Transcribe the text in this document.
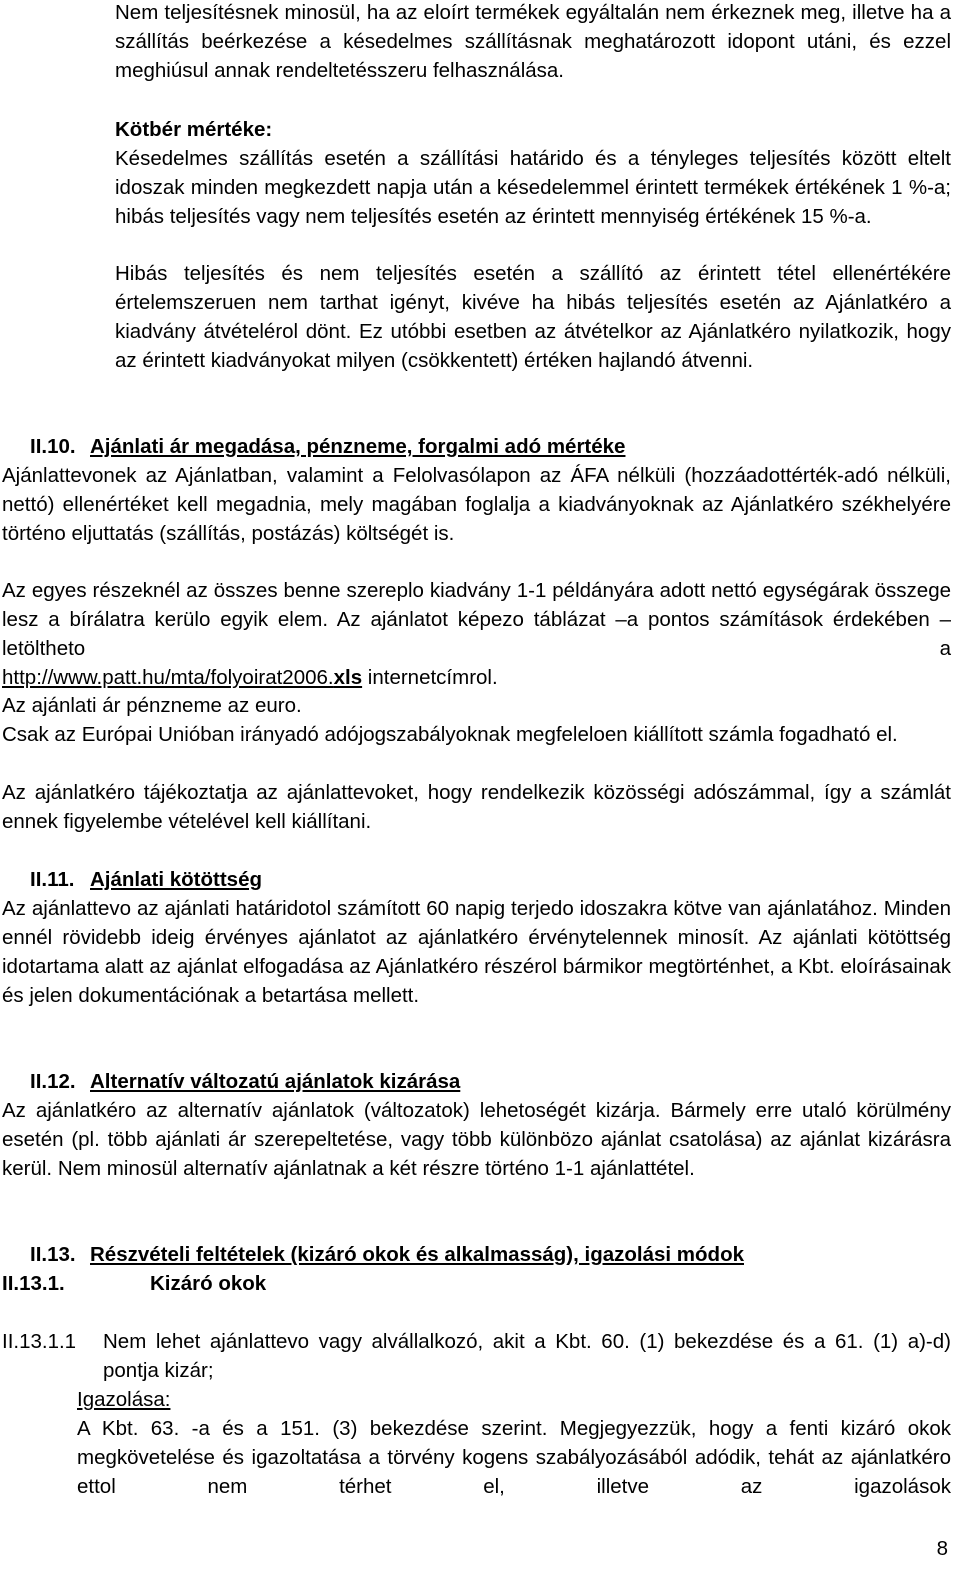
Nem teljesítésnek minosül, ha az eloírt termékek egyáltalán nem érkeznek meg, illetve ha a szállítás beérkezése a késedelmes szállításnak meghatározott idopont utáni, és ezzel meghiúsul annak rendeltetésszeru felhasználása.

Kötbér mértéke:

Késedelmes szállítás esetén a szállítási határido és a tényleges teljesítés között eltelt idoszak minden megkezdett napja után a késedelemmel érintett termékek értékének 1 %-a; hibás teljesítés vagy nem teljesítés esetén az érintett mennyiség értékének 15 %-a.

Hibás teljesítés és nem teljesítés esetén a szállító az érintett tétel ellenértékére értelemszeruen nem tarthat igényt, kivéve ha hibás teljesítés esetén az Ajánlatkéro a kiadvány átvételérol dönt. Ez utóbbi esetben az átvételkor az Ajánlatkéro nyilatkozik, hogy az érintett kiadványokat milyen (csökkentett) értéken hajlandó átvenni.

II.10. Ajánlati ár megadása, pénzneme, forgalmi adó mértéke

Ajánlattevonek az Ajánlatban, valamint a Felolvasólapon az ÁFA nélküli (hozzáadottérték-adó nélküli, nettó) ellenértéket kell megadnia, mely magában foglalja a kiadványoknak az Ajánlatkéro székhelyére történo eljuttatás (szállítás, postázás) költségét is.

Az egyes részeknél az összes benne szereplo kiadvány 1-1 példányára adott nettó egységárak összege lesz a bírálatra kerülo egyik elem. Az ajánlatot képezo táblázat –a pontos számítások érdekében – letöltheto a

http://www.patt.hu/mta/folyoirat2006.xls internetcímrol.

Az ajánlati ár pénzneme az euro.

Csak az Európai Unióban irányadó adójogszabályoknak megfeleloen kiállított számla fogadható el.

Az ajánlatkéro tájékoztatja az ajánlattevoket, hogy rendelkezik közösségi adószámmal, így a számlát ennek figyelembe vételével kell kiállítani.

II.11. Ajánlati kötöttség

Az ajánlattevo az ajánlati határidotol számított 60 napig terjedo idoszakra kötve van ajánlatához. Minden ennél rövidebb ideig érvényes ajánlatot az ajánlatkéro érvénytelennek minosít. Az ajánlati kötöttség idotartama alatt az ajánlat elfogadása az Ajánlatkéro részérol bármikor megtörténhet, a Kbt. eloírásainak és jelen dokumentációnak a betartása mellett.

II.12. Alternatív változatú ajánlatok kizárása

Az ajánlatkéro az alternatív ajánlatok (változatok) lehetoségét kizárja. Bármely erre utaló körülmény esetén (pl. több ajánlati ár szerepeltetése, vagy több különbözo ajánlat csatolása) az ajánlat kizárásra kerül. Nem minosül alternatív ajánlatnak a két részre történo 1-1 ajánlattétel.

II.13. Részvételi feltételek (kizáró okok és alkalmasság), igazolási módok
II.13.1.	Kizáró okok
II.13.1.1 Nem lehet ajánlattevo vagy alvállalkozó, akit a Kbt. 60. (1) bekezdése és a 61. (1) a)-d) pontja kizár;

Igazolása:

A Kbt. 63. -a és a 151. (3) bekezdése szerint. Megjegyezzük, hogy a fenti kizáró okok megkövetelése és igazoltatása a törvény kogens szabályozásából adódik, tehát az ajánlatkéro ettol nem térhet el, illetve az igazolások

8
